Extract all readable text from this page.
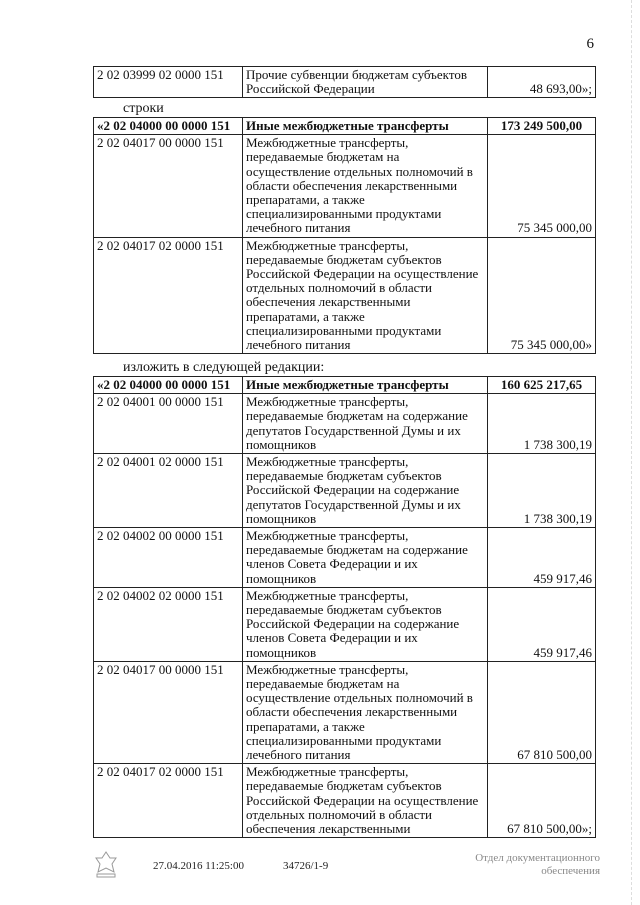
6
2 02 03999 02 0000 151	Прочие субвенции бюджетам субъектов Российской Федерации	48 693,00»;
строки
«2 02 04000 00 0000 151	Иные межбюджетные трансферты	173 249 500,00
2 02 04017 00 0000 151	Межбюджетные трансферты, передаваемые бюджетам на осуществление отдельных полномочий в области обеспечения лекарственными препаратами, а также специализированными продуктами лечебного питания	75 345 000,00
2 02 04017 02 0000 151	Межбюджетные трансферты, передаваемые бюджетам субъектов Российской Федерации на осуществление отдельных полномочий в области обеспечения лекарственными препаратами, а также специализированными продуктами лечебного питания	75 345 000,00»
изложить в следующей редакции:
«2 02 04000 00 0000 151	Иные межбюджетные трансферты	160 625 217,65
2 02 04001 00 0000 151	Межбюджетные трансферты, передаваемые бюджетам на содержание депутатов Государственной Думы и их помощников	1 738 300,19
2 02 04001 02 0000 151	Межбюджетные трансферты, передаваемые бюджетам субъектов Российской Федерации на содержание депутатов Государственной Думы и их помощников	1 738 300,19
2 02 04002 00 0000 151	Межбюджетные трансферты, передаваемые бюджетам на содержание членов Совета Федерации и их помощников	459 917,46
2 02 04002 02 0000 151	Межбюджетные трансферты, передаваемые бюджетам субъектов Российской Федерации на содержание членов Совета Федерации и их помощников	459 917,46
2 02 04017 00 0000 151	Межбюджетные трансферты, передаваемые бюджетам на осуществление отдельных полномочий в области обеспечения лекарственными препаратами, а также специализированными продуктами лечебного питания	67 810 500,00
2 02 04017 02 0000 151	Межбюджетные трансферты, передаваемые бюджетам субъектов Российской Федерации на осуществление отдельных полномочий в области обеспечения лекарственными	67 810 500,00»;
27.04.2016 11:25:00	34726/1-9
Отдел документационного обеспечения
